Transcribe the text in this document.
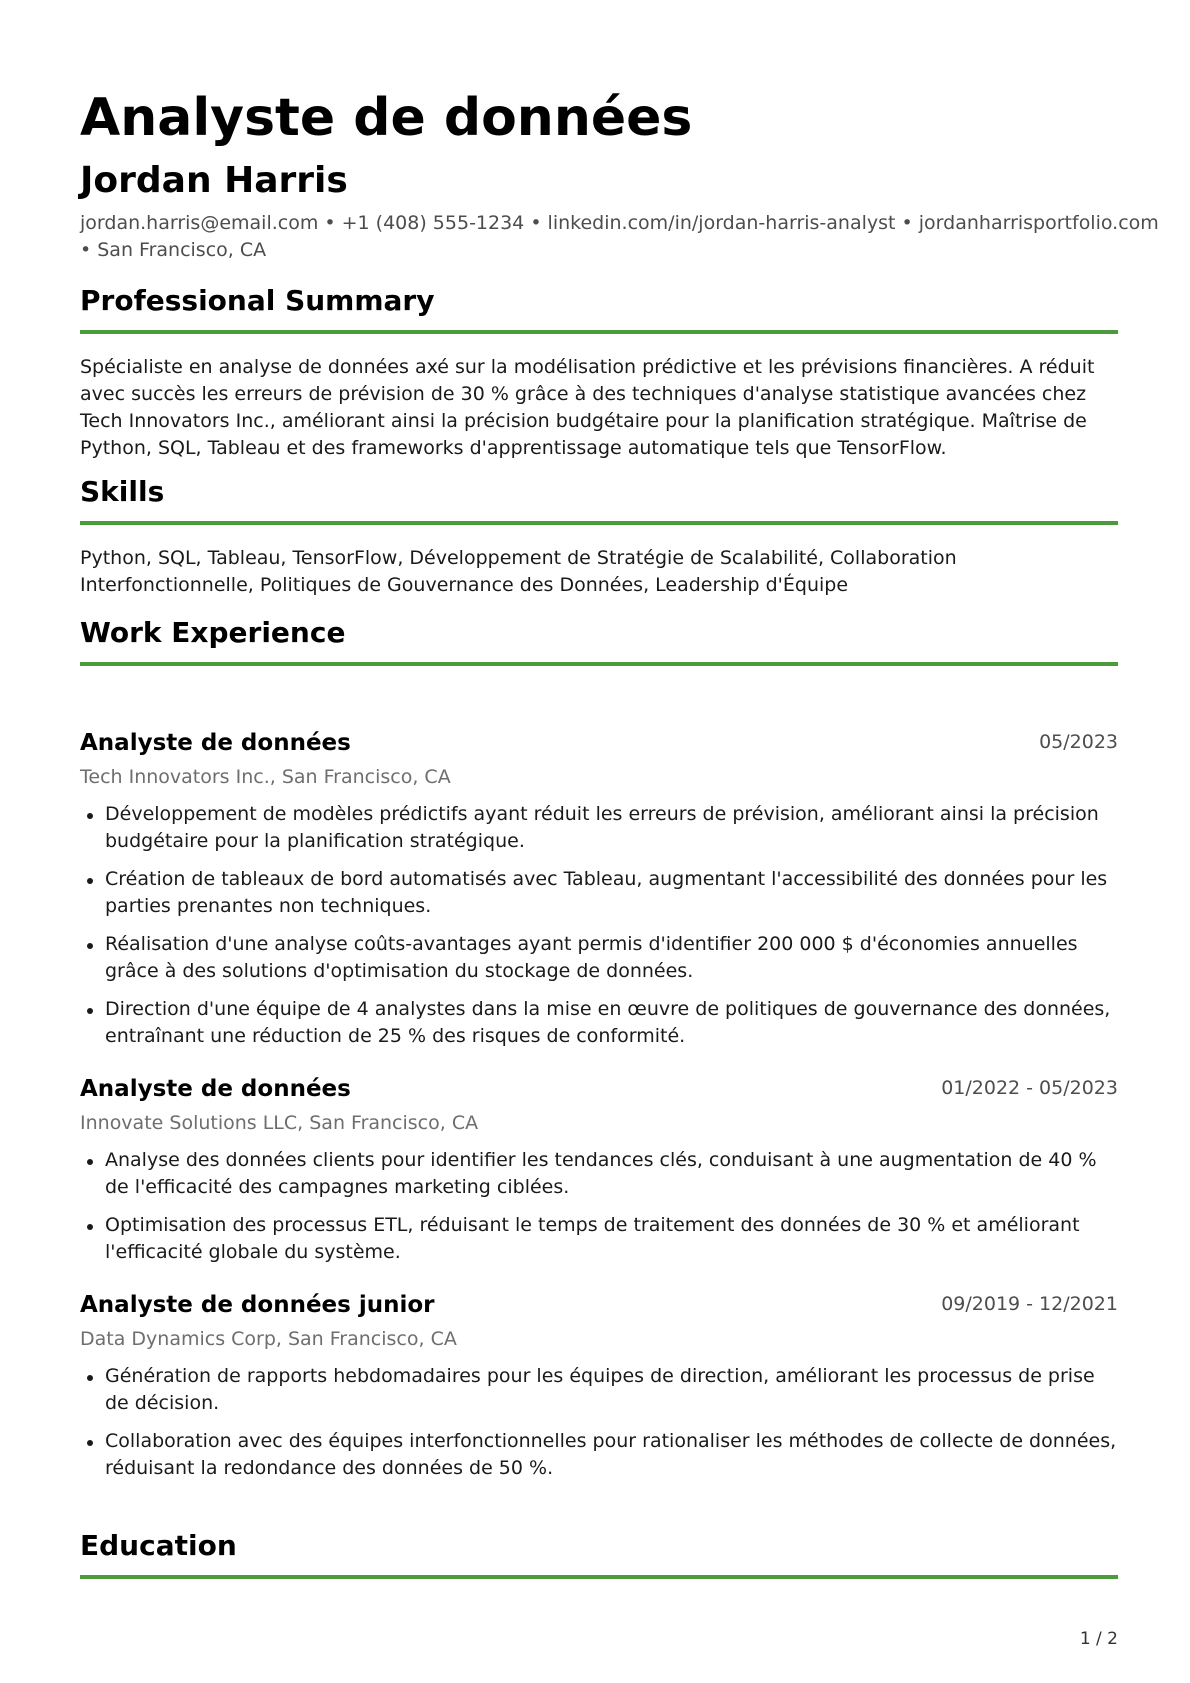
Analyste de données
Jordan Harris
jordan.harris@email.com • +1 (408) 555-1234 • linkedin.com/in/jordan-harris-analyst • jordanharrisportfolio.com
• San Francisco, CA
Professional Summary
Spécialiste en analyse de données axé sur la modélisation prédictive et les prévisions financières. A réduit avec succès les erreurs de prévision de 30 % grâce à des techniques d'analyse statistique avancées chez Tech Innovators Inc., améliorant ainsi la précision budgétaire pour la planification stratégique. Maîtrise de Python, SQL, Tableau et des frameworks d'apprentissage automatique tels que TensorFlow.
Skills
Python, SQL, Tableau, TensorFlow, Développement de Stratégie de Scalabilité, Collaboration Interfonctionnelle, Politiques de Gouvernance des Données, Leadership d'Équipe
Work Experience
Analyste de données	05/2023
Tech Innovators Inc., San Francisco, CA
Développement de modèles prédictifs ayant réduit les erreurs de prévision, améliorant ainsi la précision budgétaire pour la planification stratégique.
Création de tableaux de bord automatisés avec Tableau, augmentant l'accessibilité des données pour les parties prenantes non techniques.
Réalisation d'une analyse coûts-avantages ayant permis d'identifier 200 000 $ d'économies annuelles grâce à des solutions d'optimisation du stockage de données.
Direction d'une équipe de 4 analystes dans la mise en œuvre de politiques de gouvernance des données, entraînant une réduction de 25 % des risques de conformité.
Analyste de données	01/2022 - 05/2023
Innovate Solutions LLC, San Francisco, CA
Analyse des données clients pour identifier les tendances clés, conduisant à une augmentation de 40 % de l'efficacité des campagnes marketing ciblées.
Optimisation des processus ETL, réduisant le temps de traitement des données de 30 % et améliorant l'efficacité globale du système.
Analyste de données junior	09/2019 - 12/2021
Data Dynamics Corp, San Francisco, CA
Génération de rapports hebdomadaires pour les équipes de direction, améliorant les processus de prise de décision.
Collaboration avec des équipes interfonctionnelles pour rationaliser les méthodes de collecte de données, réduisant la redondance des données de 50 %.
Education
1 / 2
